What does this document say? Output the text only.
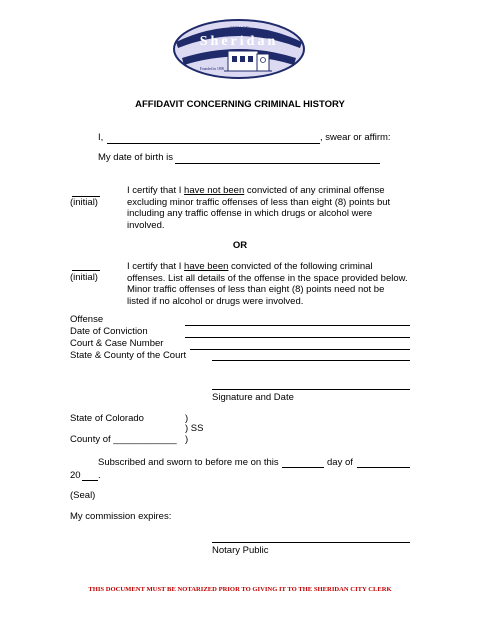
CITY OF
Sheridan
Founded in 1890
AFFIDAVIT CONCERNING CRIMINAL HISTORY
I,	, swear or affirm:
My date of birth is
(initial)
I certify that I have not been convicted of any criminal offense excluding minor traffic offenses of less than eight (8) points but including any traffic offense in which drugs or alcohol were involved.
OR
(initial)
I certify that I have been convicted of the following criminal offenses. List all details of the offense in the space provided below. Minor traffic offenses of less than eight (8) points need not be listed if no alcohol or drugs were involved.
Offense
Date of Conviction
Court & Case Number
State & County of the Court
Signature and Date
State of Colorado	)
) SS
County of ____________ )
Subscribed and sworn to before me on this	day of
20 .
(Seal)
My commission expires:
Notary Public
THIS DOCUMENT MUST BE NOTARIZED PRIOR TO GIVING IT TO THE SHERIDAN CITY CLERK
